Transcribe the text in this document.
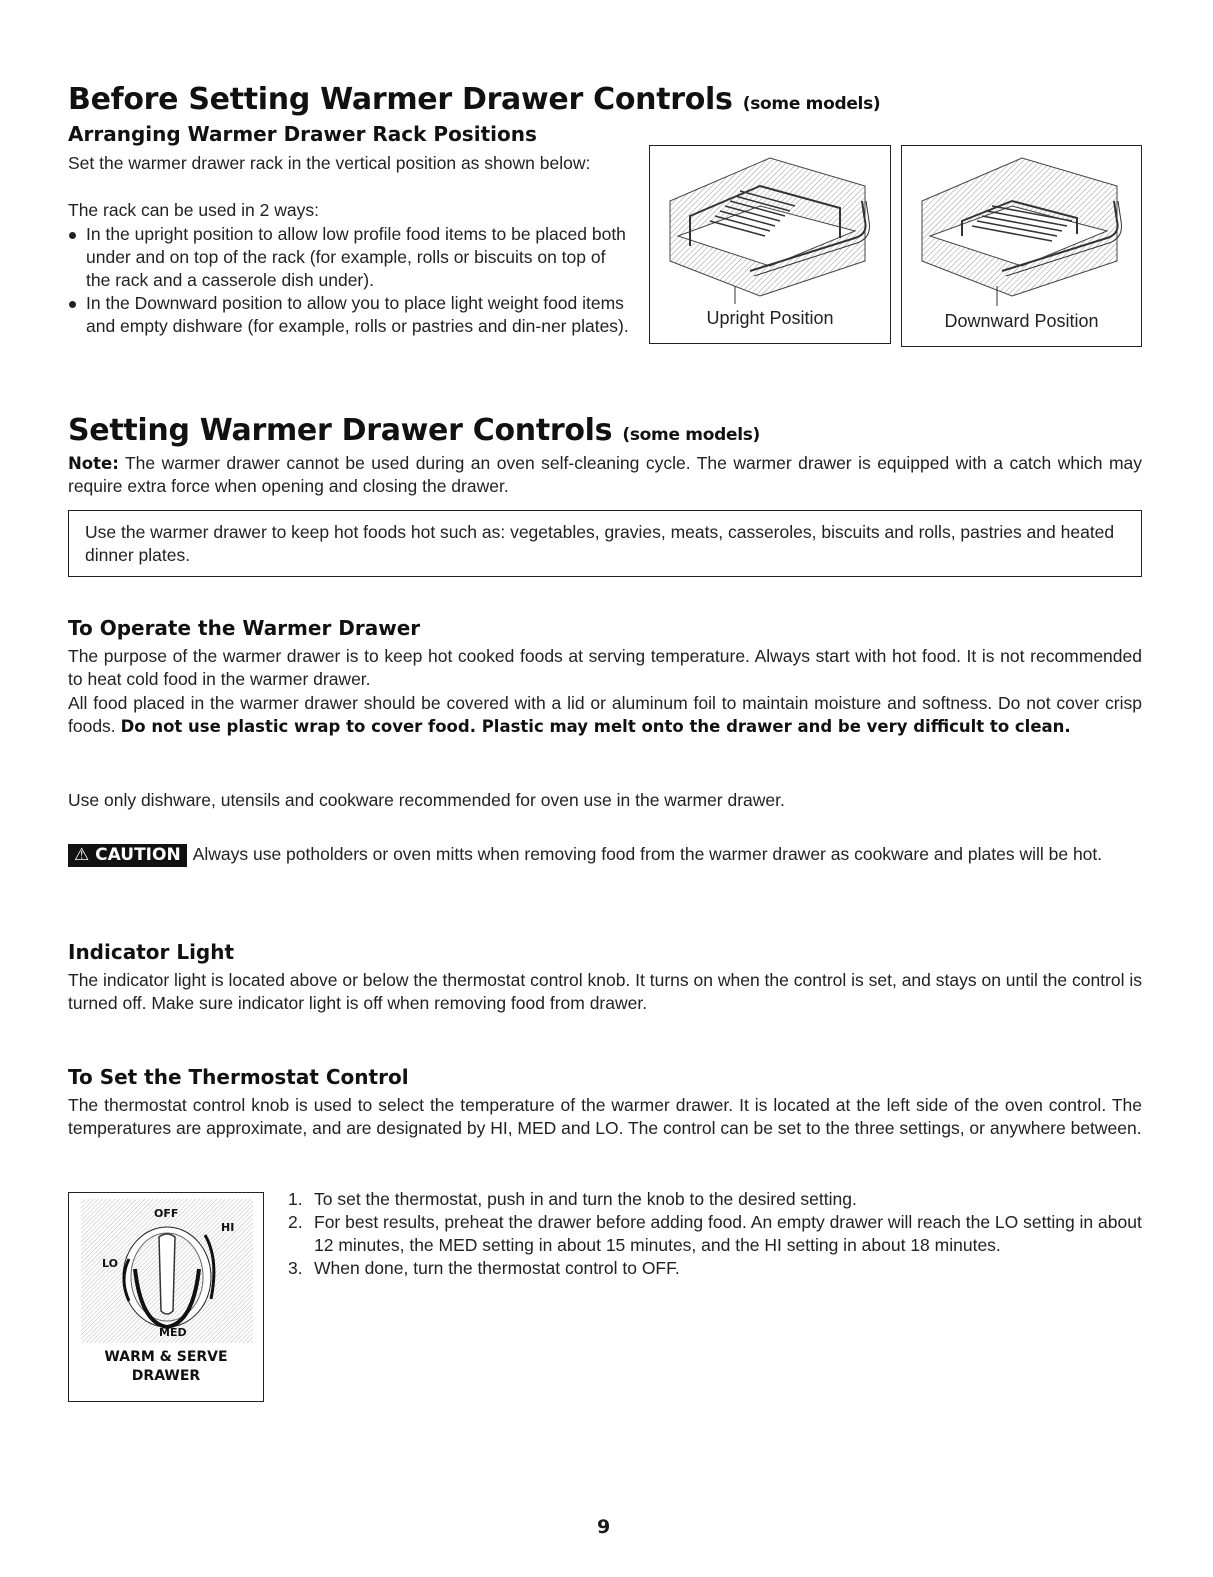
Before Setting Warmer Drawer Controls (some models)
Arranging Warmer Drawer Rack Positions
Set the warmer drawer rack in the vertical position as shown below:
The rack can be used in 2 ways:
In the upright position to allow low profile food items to be placed both under and on top of the rack (for example, rolls or biscuits on top of the rack and a casserole dish under).
In the Downward position to allow you to place light weight food items and empty dishware (for example, rolls or pastries and din-ner plates).	Upright Position	Downward Position
Setting Warmer Drawer Controls (some models)
Note: The warmer drawer cannot be used during an oven self-cleaning cycle. The warmer drawer is equipped with a catch which may require extra force when opening and closing the drawer.
Use the warmer drawer to keep hot foods hot such as: vegetables, gravies, meats, casseroles, biscuits and rolls, pastries and heated dinner plates.
To Operate the Warmer Drawer
The purpose of the warmer drawer is to keep hot cooked foods at serving temperature. Always start with hot food. It is not recommended to heat cold food in the warmer drawer.
All food placed in the warmer drawer should be covered with a lid or aluminum foil to maintain moisture and softness. Do not cover crisp foods. Do not use plastic wrap to cover food. Plastic may melt onto the drawer and be very difficult to clean.
Use only dishware, utensils and cookware recommended for oven use in the warmer drawer.
⚠ CAUTION Always use potholders or oven mitts when removing food from the warmer drawer as cookware and plates will be hot.
Indicator Light
The indicator light is located above or below the thermostat control knob. It turns on when the control is set, and stays on until the control is turned off. Make sure indicator light is off when removing food from drawer.
To Set the Thermostat Control
The thermostat control knob is used to select the temperature of the warmer drawer. It is located at the left side of the oven control. The temperatures are approximate, and are designated by HI, MED and LO. The control can be set to the three settings, or anywhere between.
OFF
HI
LO
MED
WARM & SERVE
DRAWER
1. To set the thermostat, push in and turn the knob to the desired setting.
2. For best results, preheat the drawer before adding food. An empty drawer will reach the LO setting in about 12 minutes, the MED setting in about 15 minutes, and the HI setting in about 18 minutes.
3. When done, turn the thermostat control to OFF.
9
